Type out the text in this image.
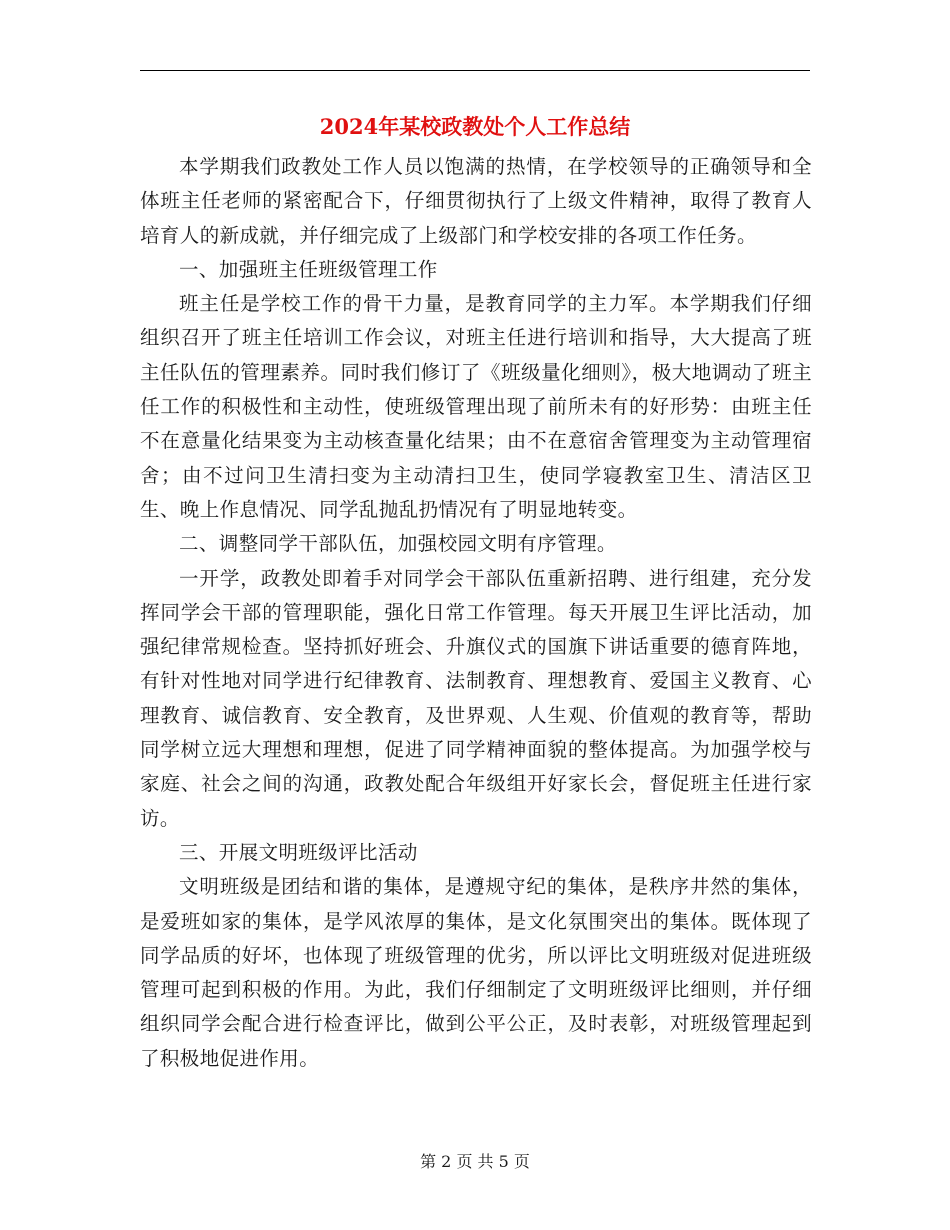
2024年某校政教处个人工作总结

本学期我们政教处工作人员以饱满的热情，在学校领导的正确领导和全体班主任老师的紧密配合下，仔细贯彻执行了上级文件精神，取得了教育人培育人的新成就，并仔细完成了上级部门和学校安排的各项工作任务。

一、加强班主任班级管理工作

班主任是学校工作的骨干力量，是教育同学的主力军。本学期我们仔细组织召开了班主任培训工作会议，对班主任进行培训和指导，大大提高了班主任队伍的管理素养。同时我们修订了《班级量化细则》，极大地调动了班主任工作的积极性和主动性，使班级管理出现了前所未有的好形势：由班主任不在意量化结果变为主动核查量化结果；由不在意宿舍管理变为主动管理宿舍；由不过问卫生清扫变为主动清扫卫生，使同学寝教室卫生、清洁区卫生、晚上作息情况、同学乱抛乱扔情况有了明显地转变。

二、调整同学干部队伍，加强校园文明有序管理。

一开学，政教处即着手对同学会干部队伍重新招聘、进行组建，充分发挥同学会干部的管理职能，强化日常工作管理。每天开展卫生评比活动，加强纪律常规检查。坚持抓好班会、升旗仪式的国旗下讲话重要的德育阵地，有针对性地对同学进行纪律教育、法制教育、理想教育、爱国主义教育、心理教育、诚信教育、安全教育，及世界观、人生观、价值观的教育等，帮助同学树立远大理想和理想，促进了同学精神面貌的整体提高。为加强学校与家庭、社会之间的沟通，政教处配合年级组开好家长会，督促班主任进行家访。

三、开展文明班级评比活动

文明班级是团结和谐的集体，是遵规守纪的集体，是秩序井然的集体，是爱班如家的集体，是学风浓厚的集体，是文化氛围突出的集体。既体现了同学品质的好坏，也体现了班级管理的优劣，所以评比文明班级对促进班级管理可起到积极的作用。为此，我们仔细制定了文明班级评比细则，并仔细组织同学会配合进行检查评比，做到公平公正，及时表彰，对班级管理起到了积极地促进作用。

第 2 页 共 5 页
